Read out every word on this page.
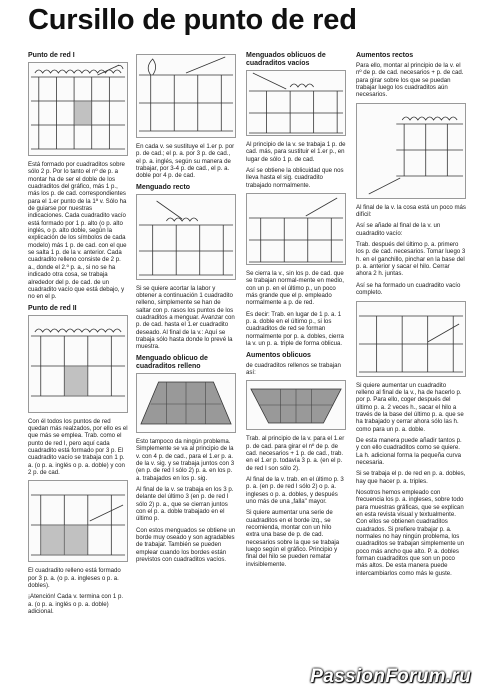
Cursillo de punto de red
Punto de red I
Está formado por cuadraditos sobre sólo 2 p. Por lo tanto el nº de p. a montar ha de ser el doble de los cuadraditos del gráfico, más 1 p., más los p. de cad. correspondientes para el 1.er punto de la 1ª v. Sólo ha de guiarse por nuestras indicaciones. Cada cuadradito vacío está formado por 1 p. alto (o p. alto inglés, o p. alto doble, según la explicación de los símbolos de cada modelo) más 1 p. de cad. con el que se salta 1 p. de la v. anterior. Cada cuadradito relleno consiste de 2 p. a., donde el 2.º p. a., si no se ha indicado otra cosa, se trabaja alrededor del p. de cad. de un cuadradito vacío que está debajo, y no en el p.
Punto de red II
Con él todos los puntos de red quedan más realzados, por ello es el que más se emplea. Trab. como el punto de red I, pero aquí cada cuadradito está formado por 3 p. El cuadradito vacío se trabaja con 1 p. a. (o p. a. inglés o p. a. doble) y con 2 p. de cad.
El cuadradito relleno está formado por 3 p. a. (o p. a. ingleses o p. a. dobles).
¡Atención! Cada v. termina con 1 p. a. (o p. a. inglés o p. a. doble) adicional.
En cada v. se sustituye el 1.er p. por p. de cad.; el p. a. por 3 p. de cad., el p. a. inglés, según su manera de trabajar, por 3-4 p. de cad., el p. a. doble por 4 p. de cad.
Menguado recto
Si se quiere acortar la labor y obtener a continuación 1 cuadradito relleno, simplemente se han de saltar con p. rasos los puntos de los cuadraditos a menguar. Avanzar con p. de cad. hasta el 1.er cuadradito deseado. Al final de la v.: Aquí se trabaja sólo hasta donde lo prevé la muestra.
Menguado oblicuo de cuadraditos relleno
Esto tampoco da ningún problema. Simplemente se va al principio de la v. con 4 p. de cad., para el 1.er p. a. de la v. sig. y se trabaja juntos con 3 (en p. de red I sólo 2) p. a. en los p. a. trabajados en los p. sig.
Al final de la v. se trabaja en los 3 p. delante del último 3 (en p. de red I sólo 2) p. a., que se cierran juntos con el p. a. doble trabajado en el último p.
Con estos menguados se obtiene un borde muy oseado y son agradables de trabajar. También se pueden emplear cuando los bordes están previstos con cuadraditos vacíos.
Menguados oblicuos de cuadraditos vacíos
Al principio de la v. se trabaja 1 p. de cad. más, para sustituir el 1.er p., en lugar de sólo 1 p. de cad.
Así se obtiene la oblicuidad que nos lleva hasta el sig. cuadradito trabajado normalmente.
Se cierra la v., sin los p. de cad. que se trabajan normal-mente en medio, con un p. en el último p., un poco más grande que el p. empleado normalmente a p. de red.
Es decir: Trab. en lugar de 1 p. a. 1 p. a. doble en el último p., si los cuadraditos de red se forman normalmente por p. a. dobles, cierra la v. un p. a. triple de forma oblicua.
Aumentos oblicuos
de cuadraditos rellenos se trabajan así:
Trab. al principio de la v. para el 1.er p. de cad. para girar el nº de p. de cad. necesarios + 1 p. de cad., trab. en el 1.er p. todavía 3 p. a. (en el p. de red I son sólo 2).
Al final de la v. trab. en el último p. 3 p. a. (en p. de red I sólo 2) o p. a. ingleses o p. a. dobles, y después uno más de una „falla" mayor.
Si quiere aumentar una serie de cuadraditos en el borde izq., se recomienda, montar con un hilo extra una base de p. de cad. necesarios sobre la que se trabaja luego según el gráfico. Principio y final del hilo se pueden rematar invisiblemente.
Aumentos rectos
Para ello, montar al principio de la v. el nº de p. de cad. necesarios + p. de cad. para girar sobre los que se puedan trabajar luego los cuadraditos aún necesarios.
Al final de la v. la cosa está un poco más difícil:
Así se añade al final de la v. un cuadradito vacío:
Trab. después del último p. a. primero los p. de cad. necesarios. Tomar luego 3 h. en el ganchillo, pinchar en la base del p. a. anterior y sacar el hilo. Cerrar ahora 2 h. juntas.
Así se ha formado un cuadradito vacío completo.
Si quiere aumentar un cuadradito relleno al final de la v., ha de hacerlo p. por p. Para ello, coger después del último p. a. 2 veces h., sacar el hilo a través de la base del último p. a. que se ha trabajado y cerrar ahora sólo las h. como para un p. a. doble.
De esta manera puede añadir tantos p. y con ello cuadraditos como se quiere. La h. adicional forma la pequeña curva necesaria.
Si se trabaja el p. de red en p. a. dobles, hay que hacer p. a. triples.
Nosotros hemos empleado con frecuencia los p. a. ingleses, sobre todo para muestras gráficas, que se explican en esta revista visual y textualmente. Con ellos se obtienen cuadraditos cuadrados. Si prefiere trabajar p. a. normales no hay ningún problema, los cuadraditos se trabajan simplemente un poco más ancho que alto. P. a. dobles forman cuadraditos que son un poco más altos. De esta manera puede intercambiarlos como más le guste.
PassionForum.ru
